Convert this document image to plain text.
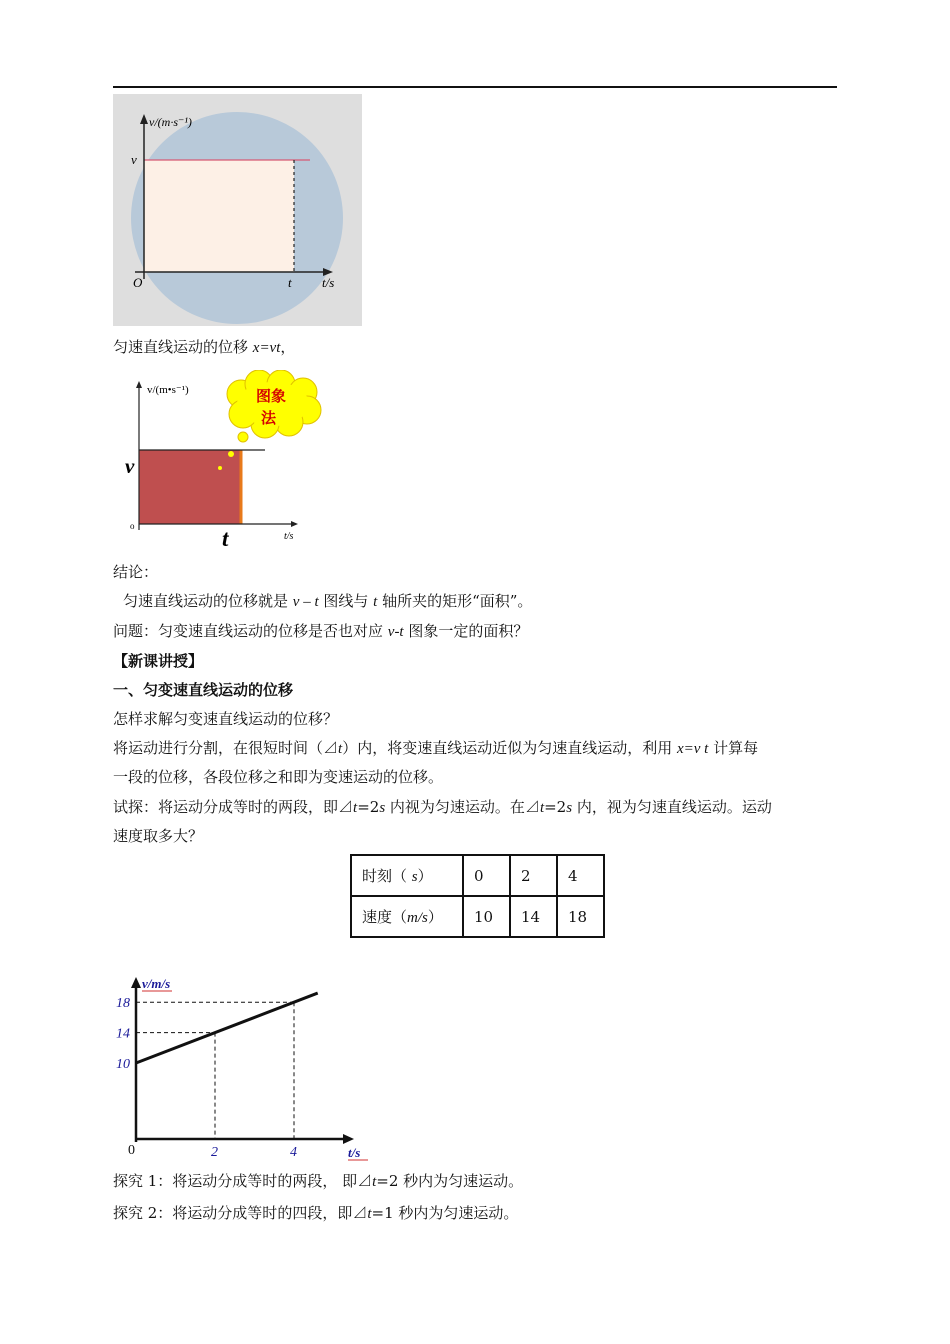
v/(m·s⁻¹)
v
O	t t/s
匀速直线运动的位移 x=vt，
图象
法
v/(m•s⁻¹)
v
o	t	t/s
结论：
匀速直线运动的位移就是 v – t 图线与 t 轴所夹的矩形“面积”。
问题：匀变速直线运动的位移是否也对应 v-t 图象一定的面积？
【新课讲授】
一、匀变速直线运动的位移
怎样求解匀变速直线运动的位移？
将运动进行分割，在很短时间（⊿t）内，将变速直线运动近似为匀速直线运动，利用 x=v t 计算每
一段的位移，各段位移之和即为变速运动的位移。
试探：将运动分成等时的两段，即⊿t=2s 内视为匀速运动。在⊿t=2s 内，视为匀速直线运动。运动
速度取多大？
时刻（ s）	0	2	4
速度（m/s）	10	14	18
v/m/s
t/s
0
10
14
18
2	4
探究 1：将运动分成等时的两段， 即⊿t=2 秒内为匀速运动。
探究 2：将运动分成等时的四段，即⊿t=1 秒内为匀速运动。
